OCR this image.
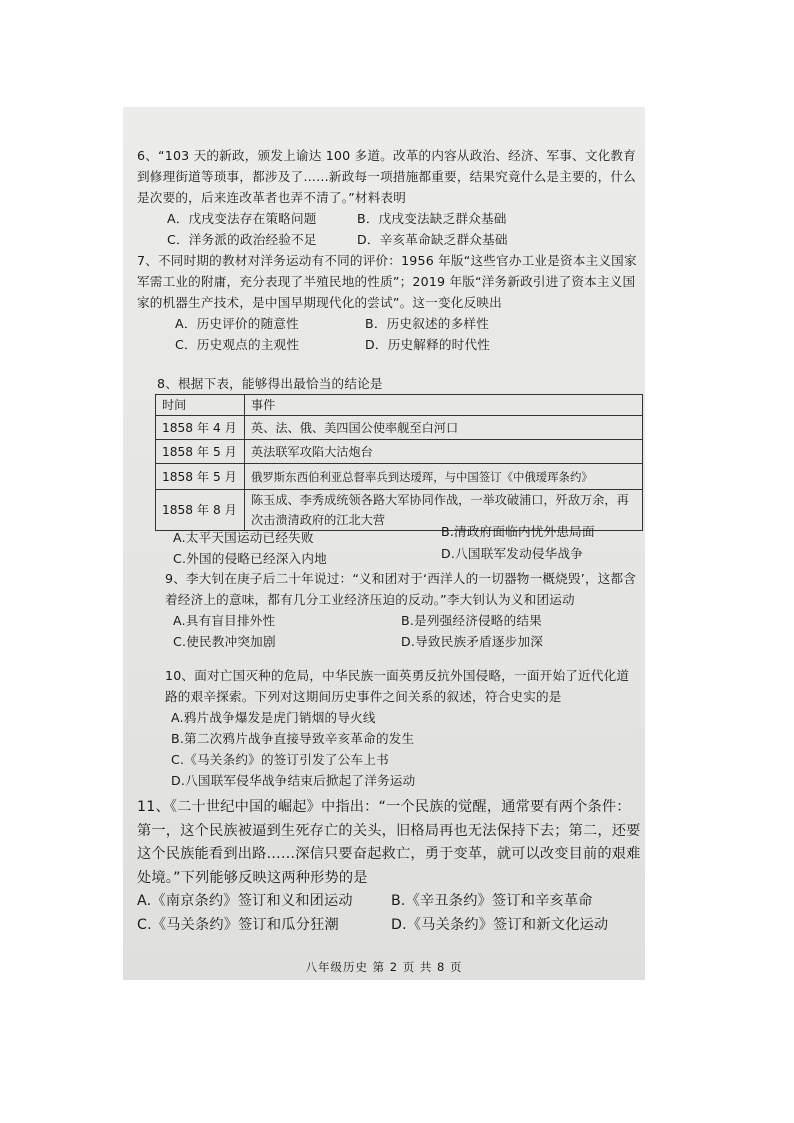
6、“103 天的新政，颁发上谕达 100 多道。改革的内容从政治、经济、军事、文化教育到修理街道等琐事，都涉及了……新政每一项措施都重要，结果究竟什么是主要的，什么是次要的，后来连改革者也弄不清了。”材料表明

A．戊戌变法存在策略问题	B．戊戌变法缺乏群众基础
C．洋务派的政治经验不足	D．辛亥革命缺乏群众基础

7、不同时期的教材对洋务运动有不同的评价：1956 年版“这些官办工业是资本主义国家军需工业的附庸，充分表现了半殖民地的性质”；2019 年版“洋务新政引进了资本主义国家的机器生产技术，是中国早期现代化的尝试”。这一变化反映出

A．历史评价的随意性	B．历史叙述的多样性
C．历史观点的主观性	D．历史解释的时代性

8、根据下表，能够得出最恰当的结论是

时间	事件
1858 年 4 月	英、法、俄、美四国公使率舰至白河口
1858 年 5 月	英法联军攻陷大沽炮台
1858 年 5 月	俄罗斯东西伯利亚总督率兵到达瑷珲，与中国签订《中俄瑷珲条约》
1858 年 8 月	陈玉成、李秀成统领各路大军协同作战，一举攻破浦口，歼敌万余，再次击溃清政府的江北大营
A.太平天国运动已经失败	B.清政府面临内忧外患局面
C.外国的侵略已经深入内地	D.八国联军发动侵华战争

9、李大钊在庚子后二十年说过：“义和团对于‘西洋人的一切器物一概烧毁’，这都含着经济上的意味，都有几分工业经济压迫的反动。”李大钊认为义和团运动

A.具有盲目排外性	B.是列强经济侵略的结果
C.使民教冲突加剧	D.导致民族矛盾逐步加深

10、面对亡国灭种的危局，中华民族一面英勇反抗外国侵略，一面开始了近代化道路的艰辛探索。下列对这期间历史事件之间关系的叙述，符合史实的是

A.鸦片战争爆发是虎门销烟的导火线
B.第二次鸦片战争直接导致辛亥革命的发生
C.《马关条约》的签订引发了公车上书
D.八国联军侵华战争结束后掀起了洋务运动

11、《二十世纪中国的崛起》中指出：“一个民族的觉醒，通常要有两个条件：第一，这个民族被逼到生死存亡的关头，旧格局再也无法保持下去；第二，还要这个民族能看到出路……深信只要奋起救亡，勇于变革，就可以改变目前的艰难处境。”下列能够反映这两种形势的是

A.《南京条约》签订和义和团运动	B.《辛丑条约》签订和辛亥革命
C.《马关条约》签订和瓜分狂潮	D.《马关条约》签订和新文化运动
八年级历史 第 2 页 共 8 页
